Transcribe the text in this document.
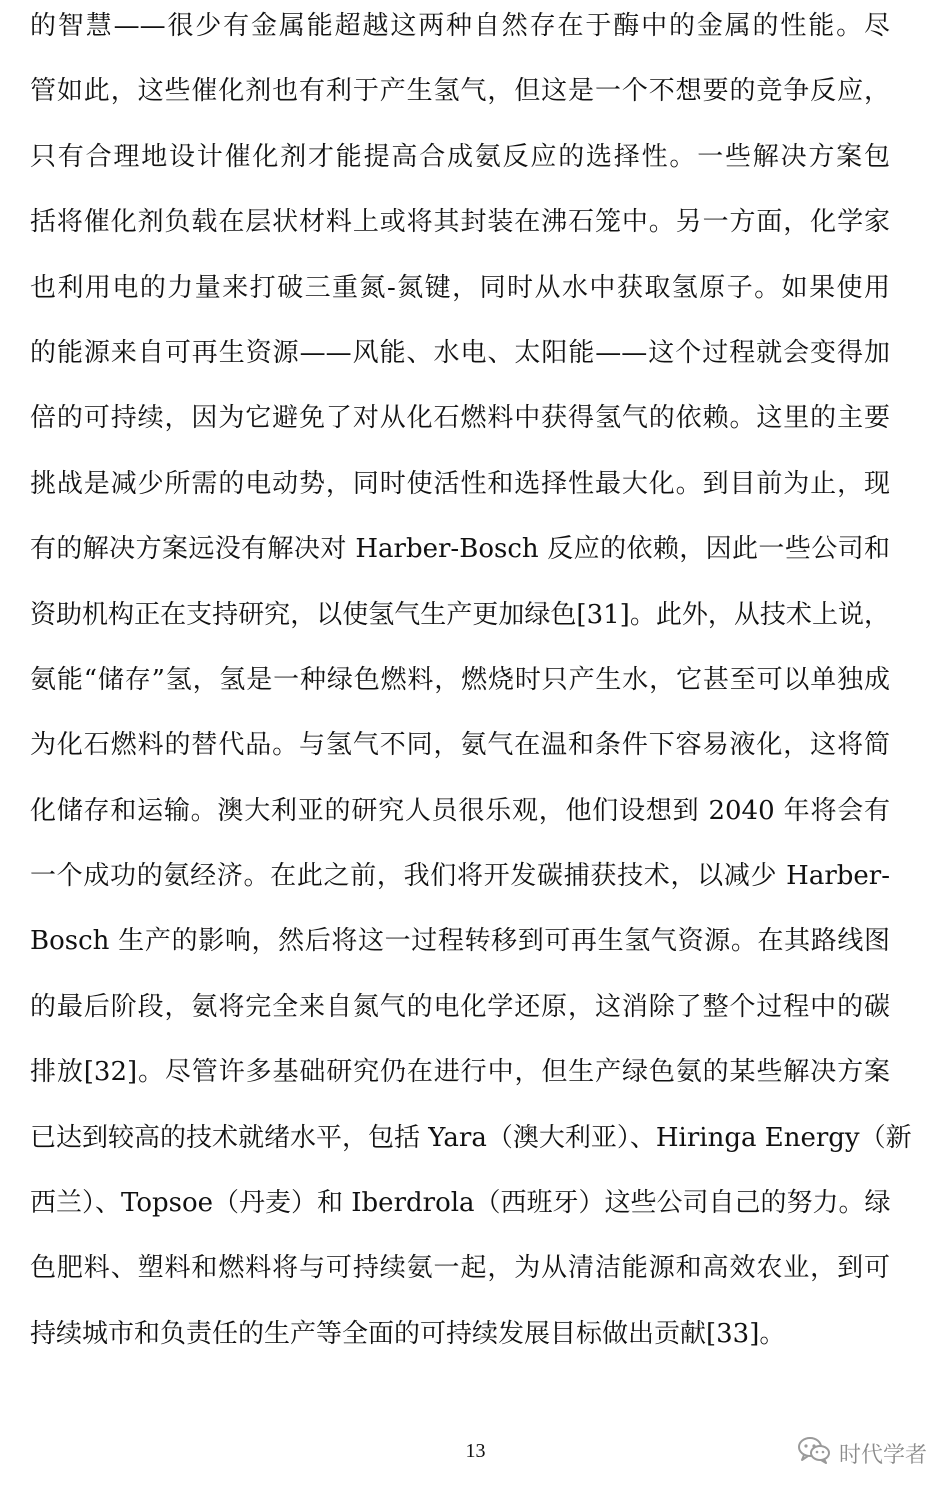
的智慧——很少有金属能超越这两种自然存在于酶中的金属的性能。尽
管如此，这些催化剂也有利于产生氢气，但这是一个不想要的竞争反应，
只有合理地设计催化剂才能提高合成氨反应的选择性。一些解决方案包
括将催化剂负载在层状材料上或将其封装在沸石笼中。另一方面，化学家
也利用电的力量来打破三重氮-氮键，同时从水中获取氢原子。如果使用
的能源来自可再生资源——风能、水电、太阳能——这个过程就会变得加
倍的可持续，因为它避免了对从化石燃料中获得氢气的依赖。这里的主要
挑战是减少所需的电动势，同时使活性和选择性最大化。到目前为止，现
有的解决方案远没有解决对 Harber-Bosch 反应的依赖，因此一些公司和
资助机构正在支持研究，以使氢气生产更加绿色[31]。此外，从技术上说，
氨能“储存”氢，氢是一种绿色燃料，燃烧时只产生水，它甚至可以单独成
为化石燃料的替代品。与氢气不同，氨气在温和条件下容易液化，这将简
化储存和运输。澳大利亚的研究人员很乐观，他们设想到 2040 年将会有
一个成功的氨经济。在此之前，我们将开发碳捕获技术，以减少 Harber-
Bosch 生产的影响，然后将这一过程转移到可再生氢气资源。在其路线图
的最后阶段，氨将完全来自氮气的电化学还原，这消除了整个过程中的碳
排放[32]。尽管许多基础研究仍在进行中，但生产绿色氨的某些解决方案
已达到较高的技术就绪水平，包括 Yara（澳大利亚）、Hiringa Energy（新
西兰）、Topsoe（丹麦）和 Iberdrola（西班牙）这些公司自己的努力。绿
色肥料、塑料和燃料将与可持续氨一起，为从清洁能源和高效农业，到可
持续城市和负责任的生产等全面的可持续发展目标做出贡献[33]。
13	时代学者
